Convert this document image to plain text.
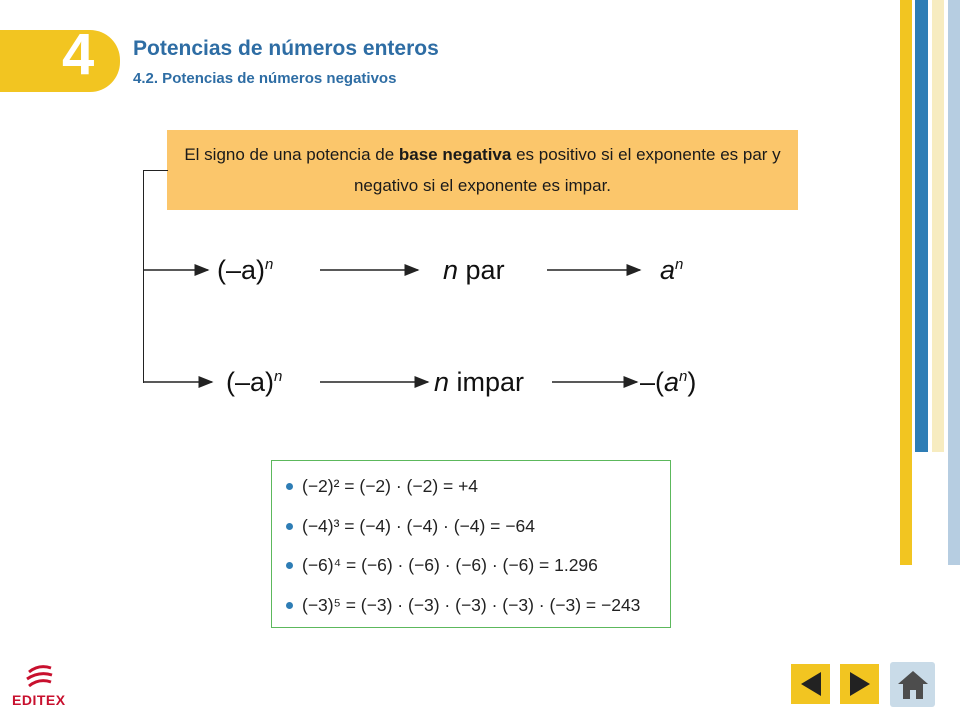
4 Potencias de números enteros
4.2. Potencias de números negativos
El signo de una potencia de base negativa es positivo si el exponente es par y negativo si el exponente es impar.
$(-a)^n$	n par	$a^n$
$(-a)^n$	n impar	$-(a^n)$
(−2)² = (−2) · (−2) = +4
(−4)³ = (−4) · (−4) · (−4) = −64
(−6)⁴ = (−6) · (−6) · (−6) · (−6) = 1.296
(−3)⁵ = (−3) · (−3) · (−3) · (−3) · (−3) = −243
EDITEX
